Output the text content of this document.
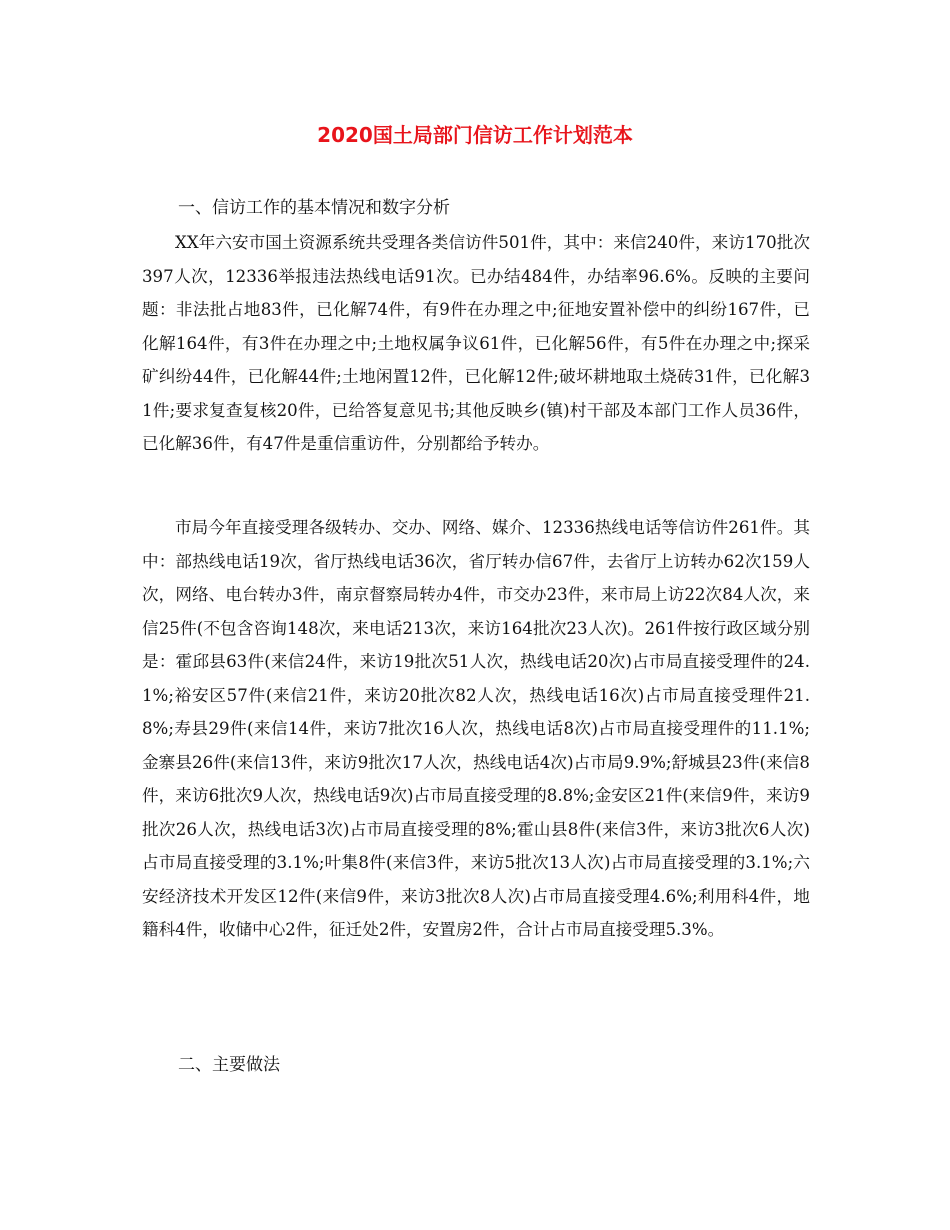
2020国土局部门信访工作计划范本
一、信访工作的基本情况和数字分析

XX年六安市国土资源系统共受理各类信访件501件，其中：来信240件，来访170批次397人次，12336举报违法热线电话91次。已办结484件，办结率96.6%。反映的主要问题：非法批占地83件，已化解74件，有9件在办理之中;征地安置补偿中的纠纷167件，已化解164件，有3件在办理之中;土地权属争议61件，已化解56件，有5件在办理之中;探采矿纠纷44件，已化解44件;土地闲置12件，已化解12件;破坏耕地取土烧砖31件，已化解31件;要求复查复核20件，已给答复意见书;其他反映乡(镇)村干部及本部门工作人员36件，已化解36件，有47件是重信重访件，分别都给予转办。

市局今年直接受理各级转办、交办、网络、媒介、12336热线电话等信访件261件。其中：部热线电话19次，省厅热线电话36次，省厅转办信67件，去省厅上访转办62次159人次，网络、电台转办3件，南京督察局转办4件，市交办23件，来市局上访22次84人次，来信25件(不包含咨询148次，来电话213次，来访164批次23人次)。261件按行政区域分别是：霍邱县63件(来信24件，来访19批次51人次，热线电话20次)占市局直接受理件的24.1%;裕安区57件(来信21件，来访20批次82人次，热线电话16次)占市局直接受理件21.8%;寿县29件(来信14件，来访7批次16人次，热线电话8次)占市局直接受理件的11.1%;金寨县26件(来信13件，来访9批次17人次，热线电话4次)占市局9.9%;舒城县23件(来信8件，来访6批次9人次，热线电话9次)占市局直接受理的8.8%;金安区21件(来信9件，来访9批次26人次，热线电话3次)占市局直接受理的8%;霍山县8件(来信3件，来访3批次6人次)占市局直接受理的3.1%;叶集8件(来信3件，来访5批次13人次)占市局直接受理的3.1%;六安经济技术开发区12件(来信9件，来访3批次8人次)占市局直接受理4.6%;利用科4件，地籍科4件，收储中心2件，征迁处2件，安置房2件，合计占市局直接受理5.3%。

二、主要做法
